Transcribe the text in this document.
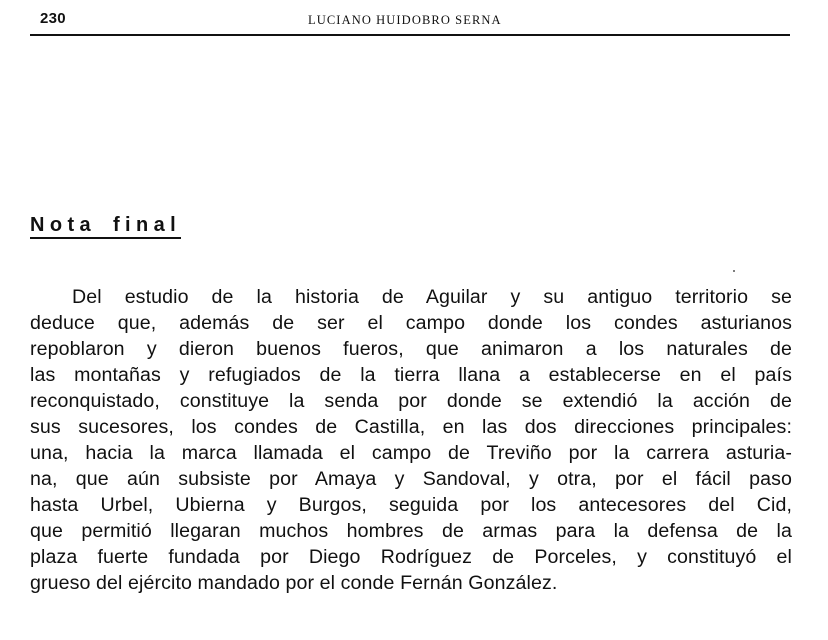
230	LUCIANO HUIDOBRO SERNA
Nota final
Del estudio de la historia de Aguilar y su antiguo territorio se
deduce que, además de ser el campo donde los condes asturianos
repoblaron y dieron buenos fueros, que animaron a los naturales de
las montañas y refugiados de la tierra llana a establecerse en el país
reconquistado, constituye la senda por donde se extendió la acción de
sus sucesores, los condes de Castilla, en las dos direcciones principales:
una, hacia la marca llamada el campo de Treviño por la carrera asturia-
na, que aún subsiste por Amaya y Sandoval, y otra, por el fácil paso
hasta Urbel, Ubierna y Burgos, seguida por los antecesores del Cid,
que permitió llegaran muchos hombres de armas para la defensa de la
plaza fuerte fundada por Diego Rodríguez de Porceles, y constituyó el
grueso del ejército mandado por el conde Fernán González.
